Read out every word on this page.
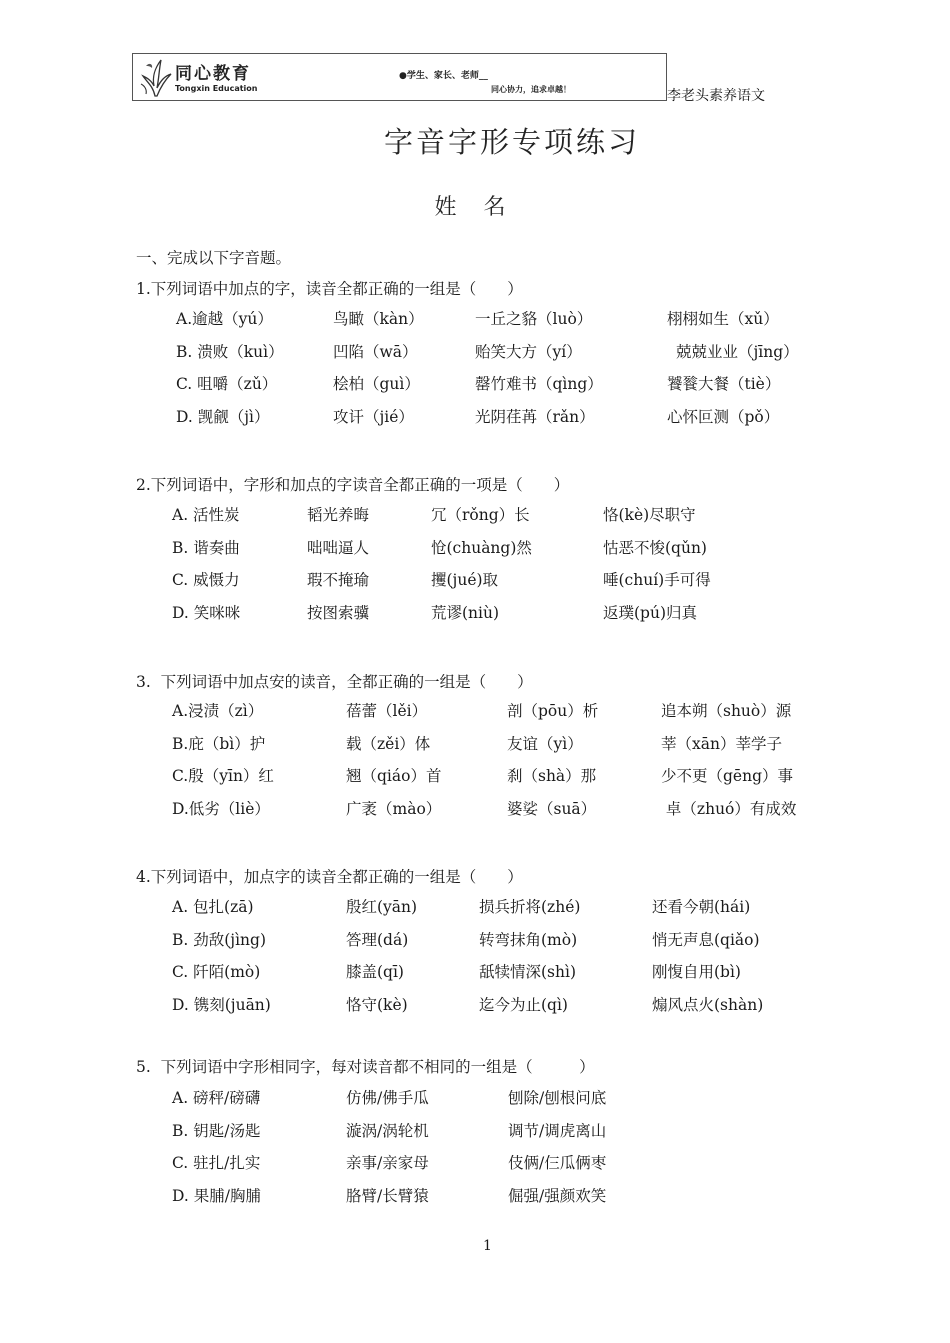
同心教育
Tongxin Education
●学生、家长、老师__
同心协力，追求卓越！	李老头素养语文
字音字形专项练习
姓 名
一、完成以下字音题。
1.下列词语中加点的字，读音全都正确的一组是（　　）

A.逾越（yú）

	鸟瞰（kàn）

	一丘之貉（luò）

	栩栩如生（xǔ）

B. 溃败（kuì）

	凹陷（wā）

	贻笑大方（yí）

	兢兢业业（jīng）

C. 咀嚼（zǔ）

	桧柏（guì）

	罄竹难书（qìng）

	饕餮大餐（tiè）

D. 觊觎（jì）

	攻讦（jié）

	光阴荏苒（rǎn）

	心怀叵测（pǒ）

2.下列词语中，字形和加点的字读音全都正确的一项是（　　）

A. 活性炭

	韬光养晦

	冗（rǒng）长

	恪(kè)尽职守

B. 谐奏曲

	咄咄逼人

	怆(chuàng)然

	怙恶不悛(qǔn)

C. 威慑力

	瑕不掩瑜

	攫(jué)取

	唾(chuí)手可得

D. 笑咪咪

	按图索骥

	荒谬(niù)

	返璞(pú)归真

3.  下列词语中加点安的读音，全都正确的一组是（　　）

A.浸渍（zì）

	蓓蕾（lěi）

	剖（pōu）析

	追本朔（shuò）源

B.庇（bì）护

	载（zěi）体

	友谊（yì）

	莘（xān）莘学子

C.殷（yīn）红

	翘（qiáo）首

	刹（shà）那

	少不更（gēng）事

D.低劣（liè）

	广袤（mào）

	婆娑（suā）

	卓（zhuó）有成效

4.下列词语中，加点字的读音全都正确的一组是（　　）

A. 包扎(zā)

	殷红(yān)

	损兵折将(zhé)

	还看今朝(hái)

B. 劲敌(jìng)

	答理(dá)

	转弯抹角(mò)

	悄无声息(qiǎo)

C. 阡陌(mò)

	膝盖(qī)

	舐犊情深(shì)

	刚愎自用(bì)

D. 镌刻(juān)

	恪守(kè)

	迄今为止(qì)

	煽风点火(shàn)

5.  下列词语中字形相同字，每对读音都不相同的一组是（　　　）

A. 磅秤/磅礴

	仿佛/佛手瓜

	刨除/刨根问底

B. 钥匙/汤匙

	漩涡/涡轮机

	调节/调虎离山

C. 驻扎/扎实

	亲事/亲家母

	伎俩/仨瓜俩枣

D. 果脯/胸脯

	胳臂/长臂猿

	倔强/强颜欢笑

1
